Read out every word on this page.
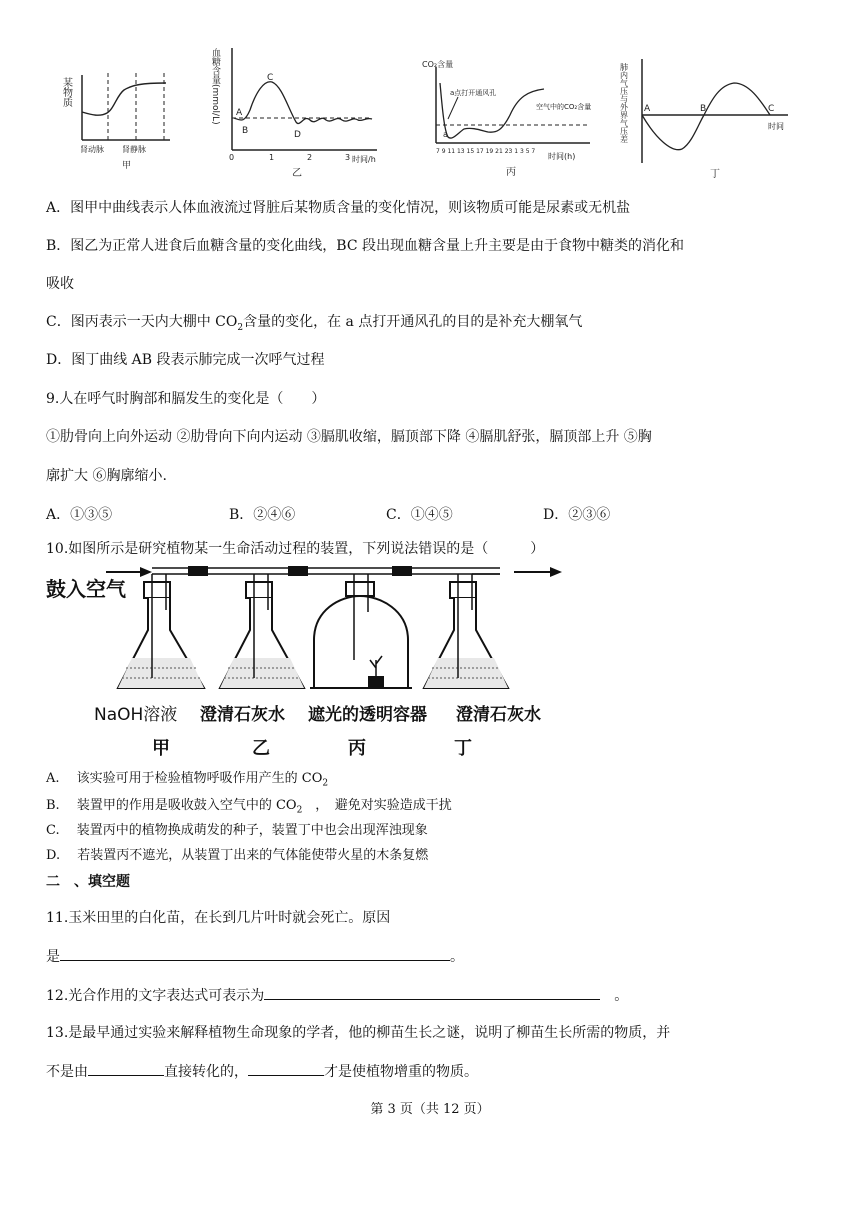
某物质
肾动脉 肾静脉
甲
血糖含量(mmol/L) A
B
C
D
0	1	2	3 时间/h
乙
CO₂含量
a点打开通风孔
空气中的CO₂含量
a
7 9 11 13 15 17 19 21 23 1 3 5 7
时间(h)
丙
肺内气压与外界气压差 A	B	C
时间
丁
A．图甲中曲线表示人体血液流过肾脏后某物质含量的变化情况，则该物质可能是尿素或无机盐
B．图乙为正常人进食后血糖含量的变化曲线，BC 段出现血糖含量上升主要是由于食物中糖类的消化和
吸收
C．图丙表示一天内大棚中 $CO_2$含量的变化，在 a 点打开通风孔的目的是补充大棚氧气
D．图丁曲线 AB 段表示肺完成一次呼气过程
9.人在呼气时胸部和膈发生的变化是（　　）
①肋骨向上向外运动 ②肋骨向下向内运动 ③膈肌收缩，膈顶部下降 ④膈肌舒张，膈顶部上升 ⑤胸
廓扩大 ⑥胸廓缩小.
A．①③⑤	B．②④⑥	C．①④⑤	D．②③⑥
10.如图所示是研究植物某一生命活动过程的装置，下列说法错误的是（　　　）
鼓入空气
NaOH溶液 澄清石灰水 遮光的透明容器 澄清石灰水
甲	乙	丙	丁
A.　 该实验可用于检验植物呼吸作用产生的 $CO_2$
B.　 装置甲的作用是吸收鼓入空气中的 $CO_2$　，　避免对实验造成干扰
C.　 装置丙中的植物换成萌发的种子，装置丁中也会出现浑浊现象
D.　 若装置丙不遮光，从装置丁出来的气体能使带火星的木条复燃
二　、填空题
11.玉米田里的白化苗，在长到几片叶时就会死亡。原因
是	。
12.光合作用的文字表达式可表示为	。
13.是最早通过实验来解释植物生命现象的学者，他的柳苗生长之谜，说明了柳苗生长所需的物质，并
不是由	直接转化的，	才是使植物增重的物质。
第 3 页（共 12 页）
